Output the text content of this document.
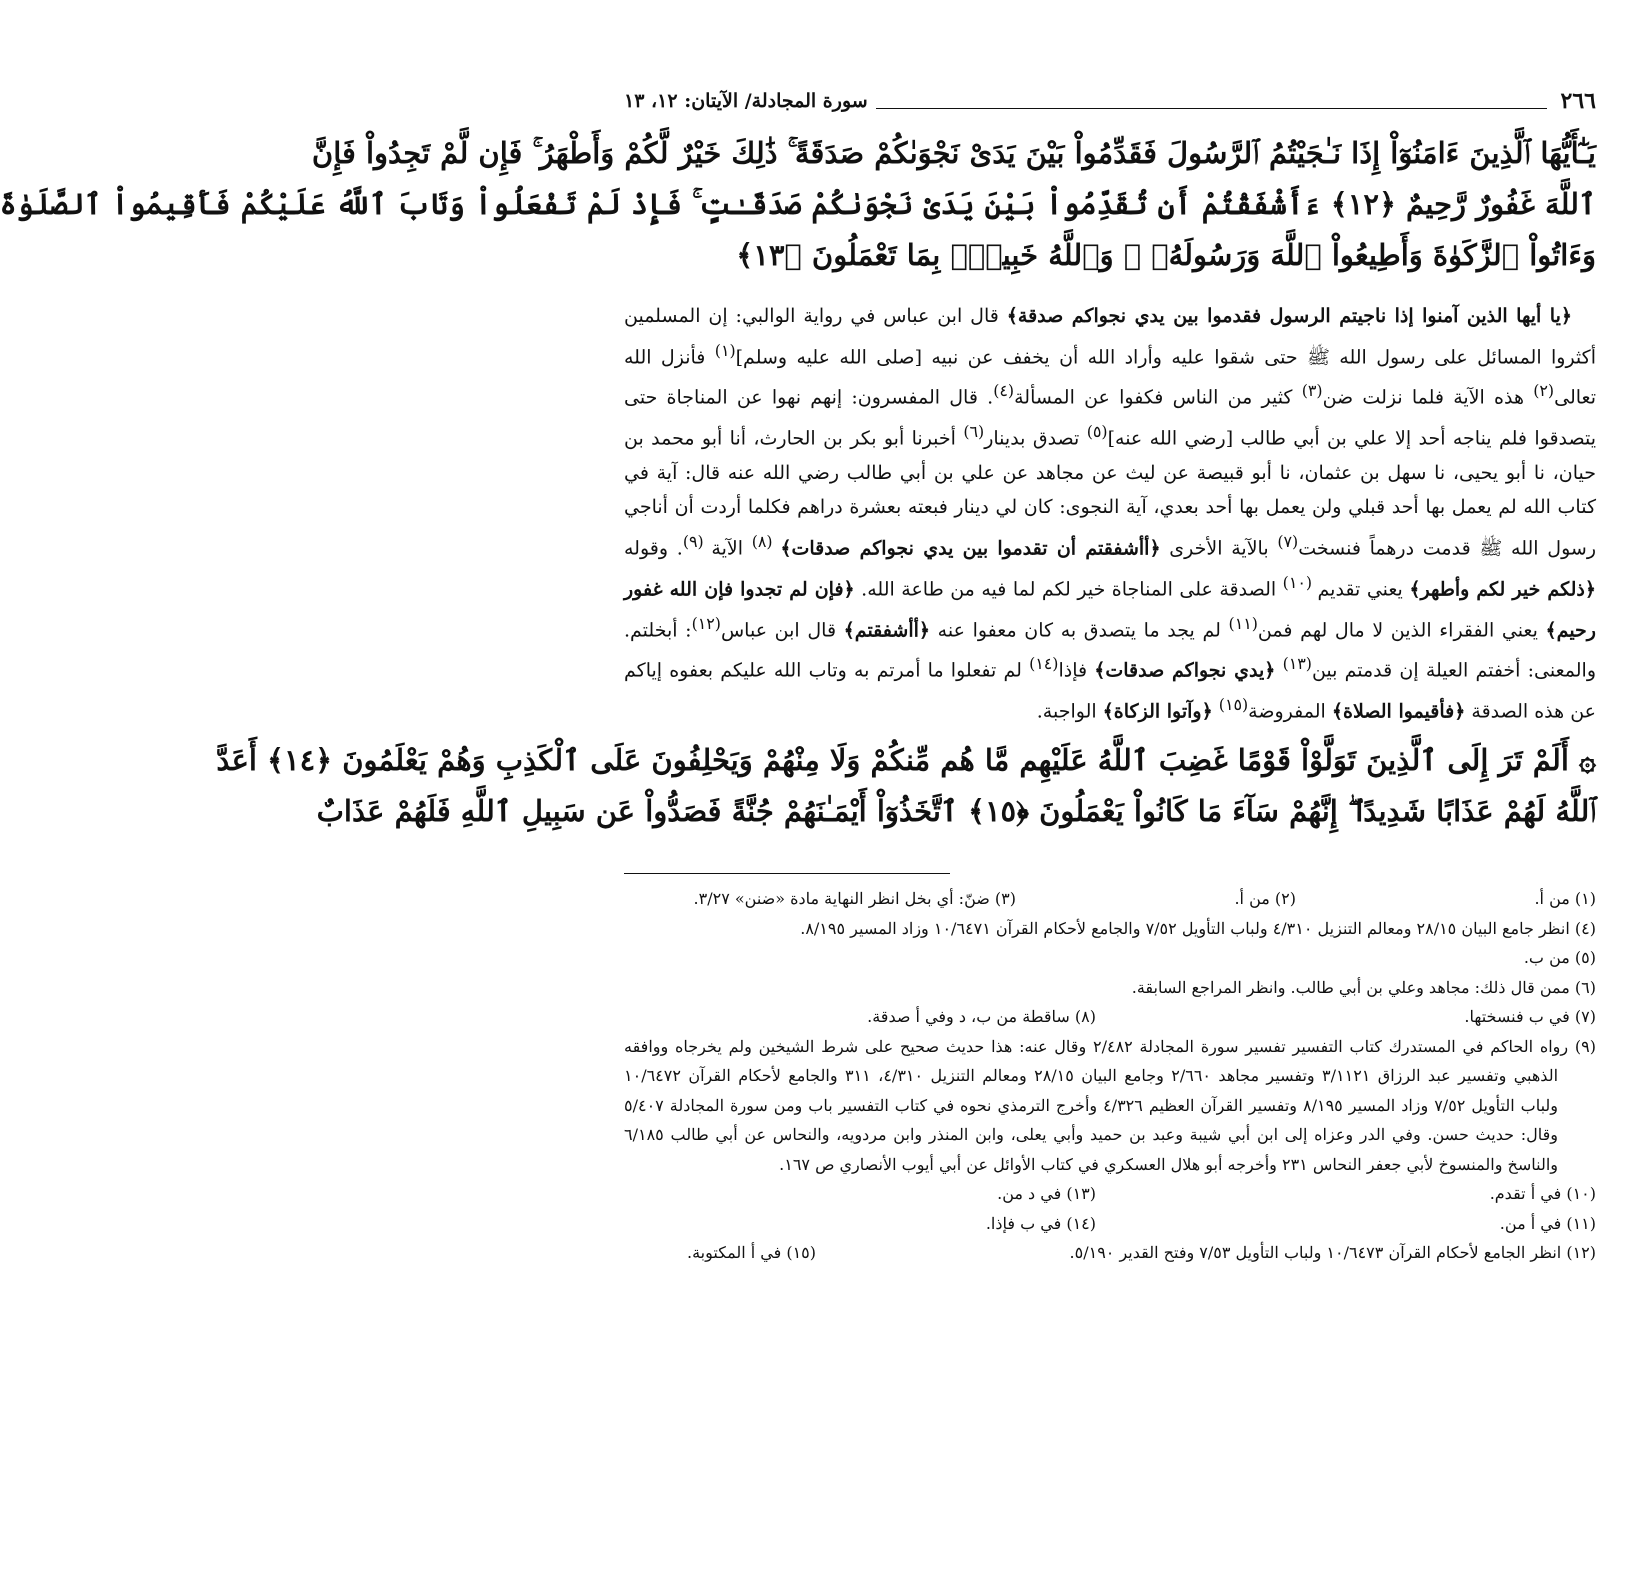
٢٦٦
سورة المجادلة/ الآيتان: ١٢، ١٣
يَـٰٓأَيُّهَا ٱلَّذِينَ ءَامَنُوٓاْ إِذَا نَـٰجَيْتُمُ ٱلرَّسُولَ فَقَدِّمُواْ بَيْنَ يَدَىْ نَجْوَىٰكُمْ صَدَقَةً ۚ ذَٰلِكَ خَيْرٌ لَّكُمْ وَأَطْهَرُ ۚ فَإِن لَّمْ تَجِدُواْ فَإِنَّ
ٱللَّهَ غَفُورٌ رَّحِيمٌ ﴿١٢﴾ ءَأَشْفَقْتُمْ أَن تُقَدِّمُواْ بَيْنَ يَدَىْ نَجْوَىٰكُمْ صَدَقَـٰتٍ ۚ فَإِذْ لَمْ تَفْعَلُواْ وَتَابَ ٱللَّهُ عَلَيْكُمْ فَأَقِيمُواْ ٱلصَّلَوٰةَ
وَءَاتُواْ ٱلزَّكَوٰةَ وَأَطِيعُواْ ٱللَّهَ وَرَسُولَهُۥ ۚ وَٱللَّهُ خَبِيرٌۢ بِمَا تَعْمَلُونَ ﴿١٣﴾

﴿يا أيها الذين آمنوا إذا ناجيتم الرسول فقدموا بين يدي نجواكم صدقة﴾ قال ابن عباس في رواية الوالبي: إن المسلمين أكثروا المسائل على رسول الله ﷺ حتى شقوا عليه وأراد الله أن يخفف عن نبيه [صلى الله عليه وسلم]$^{(١)}$ فأنزل الله تعالى$^{(٢)}$ هذه الآية فلما نزلت ضن$^{(٣)}$ كثير من الناس فكفوا عن المسألة$^{(٤)}$. قال المفسرون: إنهم نهوا عن المناجاة حتى يتصدقوا فلم يناجه أحد إلا علي بن أبي طالب [رضي الله عنه]$^{(٥)}$ تصدق بدينار$^{(٦)}$ أخبرنا أبو بكر بن الحارث، أنا أبو محمد بن حيان، نا أبو يحيى، نا سهل بن عثمان، نا أبو قبيصة عن ليث عن مجاهد عن علي بن أبي طالب رضي الله عنه قال: آية في كتاب الله لم يعمل بها أحد قبلي ولن يعمل بها أحد بعدي، آية النجوى: كان لي دينار فبعته بعشرة دراهم فكلما أردت أن أناجي رسول الله ﷺ قدمت درهماً فنسخت$^{(٧)}$ بالآية الأخرى ﴿أأشفقتم أن تقدموا بين يدي نجواكم صدقات﴾ $^{(٨)}$ الآية $^{(٩)}$. وقوله ﴿ذلكم خير لكم وأطهر﴾ يعني تقديم $^{(١٠)}$ الصدقة على المناجاة خير لكم لما فيه من طاعة الله. ﴿فإن لم تجدوا فإن الله غفور رحيم﴾ يعني الفقراء الذين لا مال لهم فمن$^{(١١)}$ لم يجد ما يتصدق به كان معفوا عنه ﴿أأشفقتم﴾ قال ابن عباس$^{(١٢)}$: أبخلتم. والمعنى: أخفتم العيلة إن قدمتم بين$^{(١٣)}$ ﴿يدي نجواكم صدقات﴾ فإذا$^{(١٤)}$ لم تفعلوا ما أمرتم به وتاب الله عليكم بعفوه إياكم عن هذه الصدقة ﴿فأقيموا الصلاة﴾ المفروضة$^{(١٥)}$ ﴿وآتوا الزكاة﴾ الواجبة.

۞ أَلَمْ تَرَ إِلَى ٱلَّذِينَ تَوَلَّوْاْ قَوْمًا غَضِبَ ٱللَّهُ عَلَيْهِم مَّا هُم مِّنكُمْ وَلَا مِنْهُمْ وَيَحْلِفُونَ عَلَى ٱلْكَذِبِ وَهُمْ يَعْلَمُونَ ﴿١٤﴾ أَعَدَّ
ٱللَّهُ لَهُمْ عَذَابًا شَدِيدًا ۖ إِنَّهُمْ سَآءَ مَا كَانُواْ يَعْمَلُونَ ﴿١٥﴾ ٱتَّخَذُوٓاْ أَيْمَـٰنَهُمْ جُنَّةً فَصَدُّواْ عَن سَبِيلِ ٱللَّهِ فَلَهُمْ عَذَابٌ
(١) من أ.
(٢) من أ.
(٣) ضنّ: أي بخل انظر النهاية مادة «ضنن» ٣/٢٧.
(٤) انظر جامع البيان ٢٨/١٥ ومعالم التنزيل ٤/٣١٠ ولباب التأويل ٧/٥٢ والجامع لأحكام القرآن ١٠/٦٤٧١ وزاد المسير ٨/١٩٥.
(٥) من ب.
(٦) ممن قال ذلك: مجاهد وعلي بن أبي طالب. وانظر المراجع السابقة.
(٧) في ب فنسختها.
(٨) ساقطة من ب، د وفي أ صدقة.
(٩) رواه الحاكم في المستدرك كتاب التفسير تفسير سورة المجادلة ٢/٤٨٢ وقال عنه: هذا حديث صحيح على شرط الشيخين ولم يخرجاه ووافقه الذهبي وتفسير عبد الرزاق ٣/١١٢١ وتفسير مجاهد ٢/٦٦٠ وجامع البيان ٢٨/١٥ ومعالم التنزيل ٤/٣١٠، ٣١١ والجامع لأحكام القرآن ١٠/٦٤٧٢ ولباب التأويل ٧/٥٢ وزاد المسير ٨/١٩٥ وتفسير القرآن العظيم ٤/٣٢٦ وأخرج الترمذي نحوه في كتاب التفسير باب ومن سورة المجادلة ٥/٤٠٧ وقال: حديث حسن. وفي الدر وعزاه إلى ابن أبي شيبة وعبد بن حميد وأبي يعلى، وابن المنذر وابن مردويه، والنحاس عن أبي طالب ٦/١٨٥ والناسخ والمنسوخ لأبي جعفر النحاس ٢٣١ وأخرجه أبو هلال العسكري في كتاب الأوائل عن أبي أيوب الأنصاري ص ١٦٧.
(١٠) في أ تقدم.
(١٣) في د من.
(١١) في أ من.
(١٤) في ب فإذا.
(١٢) انظر الجامع لأحكام القرآن ١٠/٦٤٧٣ ولباب التأويل ٧/٥٣ وفتح القدير ٥/١٩٠.
(١٥) في أ المكتوبة.
